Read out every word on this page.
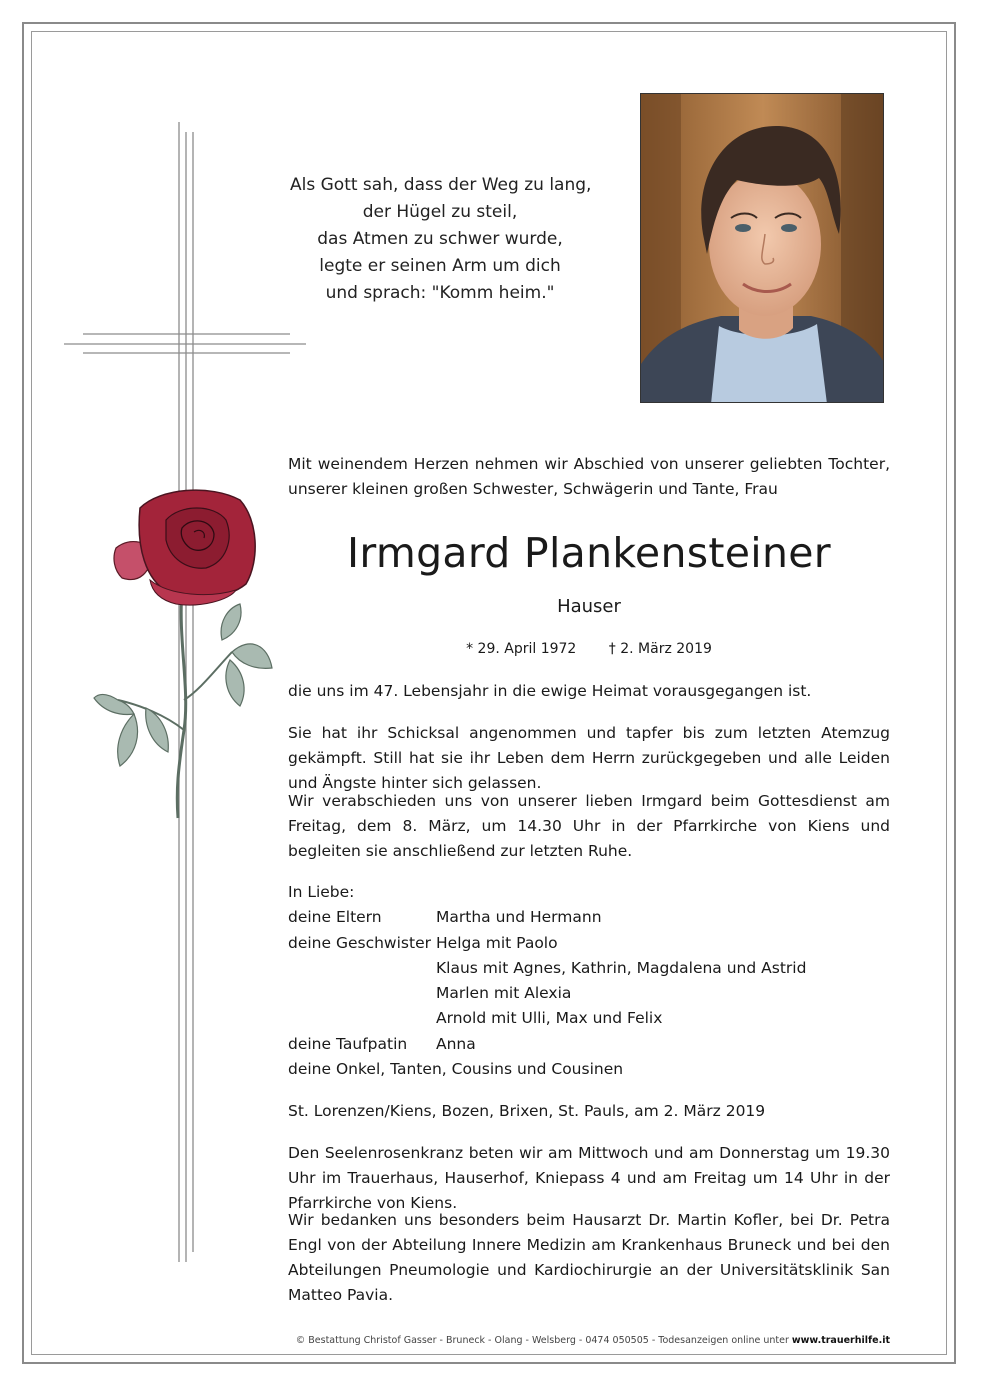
Als Gott sah, dass der Weg zu lang,
der Hügel zu steil,
das Atmen zu schwer wurde,
legte er seinen Arm um dich
und sprach: "Komm heim."
Mit weinendem Herzen nehmen wir Abschied von unserer geliebten Tochter, unserer kleinen großen Schwester, Schwägerin und Tante, Frau
Irmgard Plankensteiner
Hauser
* 29. April 1972 † 2. März 2019
die uns im 47. Lebensjahr in die ewige Heimat vorausgegangen ist.
Sie hat ihr Schicksal angenommen und tapfer bis zum letzten Atemzug gekämpft. Still hat sie ihr Leben dem Herrn zurückgegeben und alle Leiden und Ängste hinter sich gelassen.
Wir verabschieden uns von unserer lieben Irmgard beim Gottesdienst am Freitag, dem 8. März, um 14.30 Uhr in der Pfarrkirche von Kiens und begleiten sie anschließend zur letzten Ruhe.
In Liebe:
deine Eltern	Martha und Hermann
deine Geschwister Helga mit Paolo
Klaus mit Agnes, Kathrin, Magdalena und Astrid
Marlen mit Alexia
Arnold mit Ulli, Max und Felix
deine Taufpatin	Anna
deine Onkel, Tanten, Cousins und Cousinen
St. Lorenzen/Kiens, Bozen, Brixen, St. Pauls, am 2. März 2019
Den Seelenrosenkranz beten wir am Mittwoch und am Donnerstag um 19.30 Uhr im Trauerhaus, Hauserhof, Kniepass 4 und am Freitag um 14 Uhr in der Pfarrkirche von Kiens.
Wir bedanken uns besonders beim Hausarzt Dr. Martin Kofler, bei Dr. Petra Engl von der Abteilung Innere Medizin am Krankenhaus Bruneck und bei den Abteilungen Pneumologie und Kardiochirurgie an der Universitätsklinik San Matteo Pavia.
© Bestattung Christof Gasser - Bruneck - Olang - Welsberg - 0474 050505 - Todesanzeigen online unter www.trauerhilfe.it
